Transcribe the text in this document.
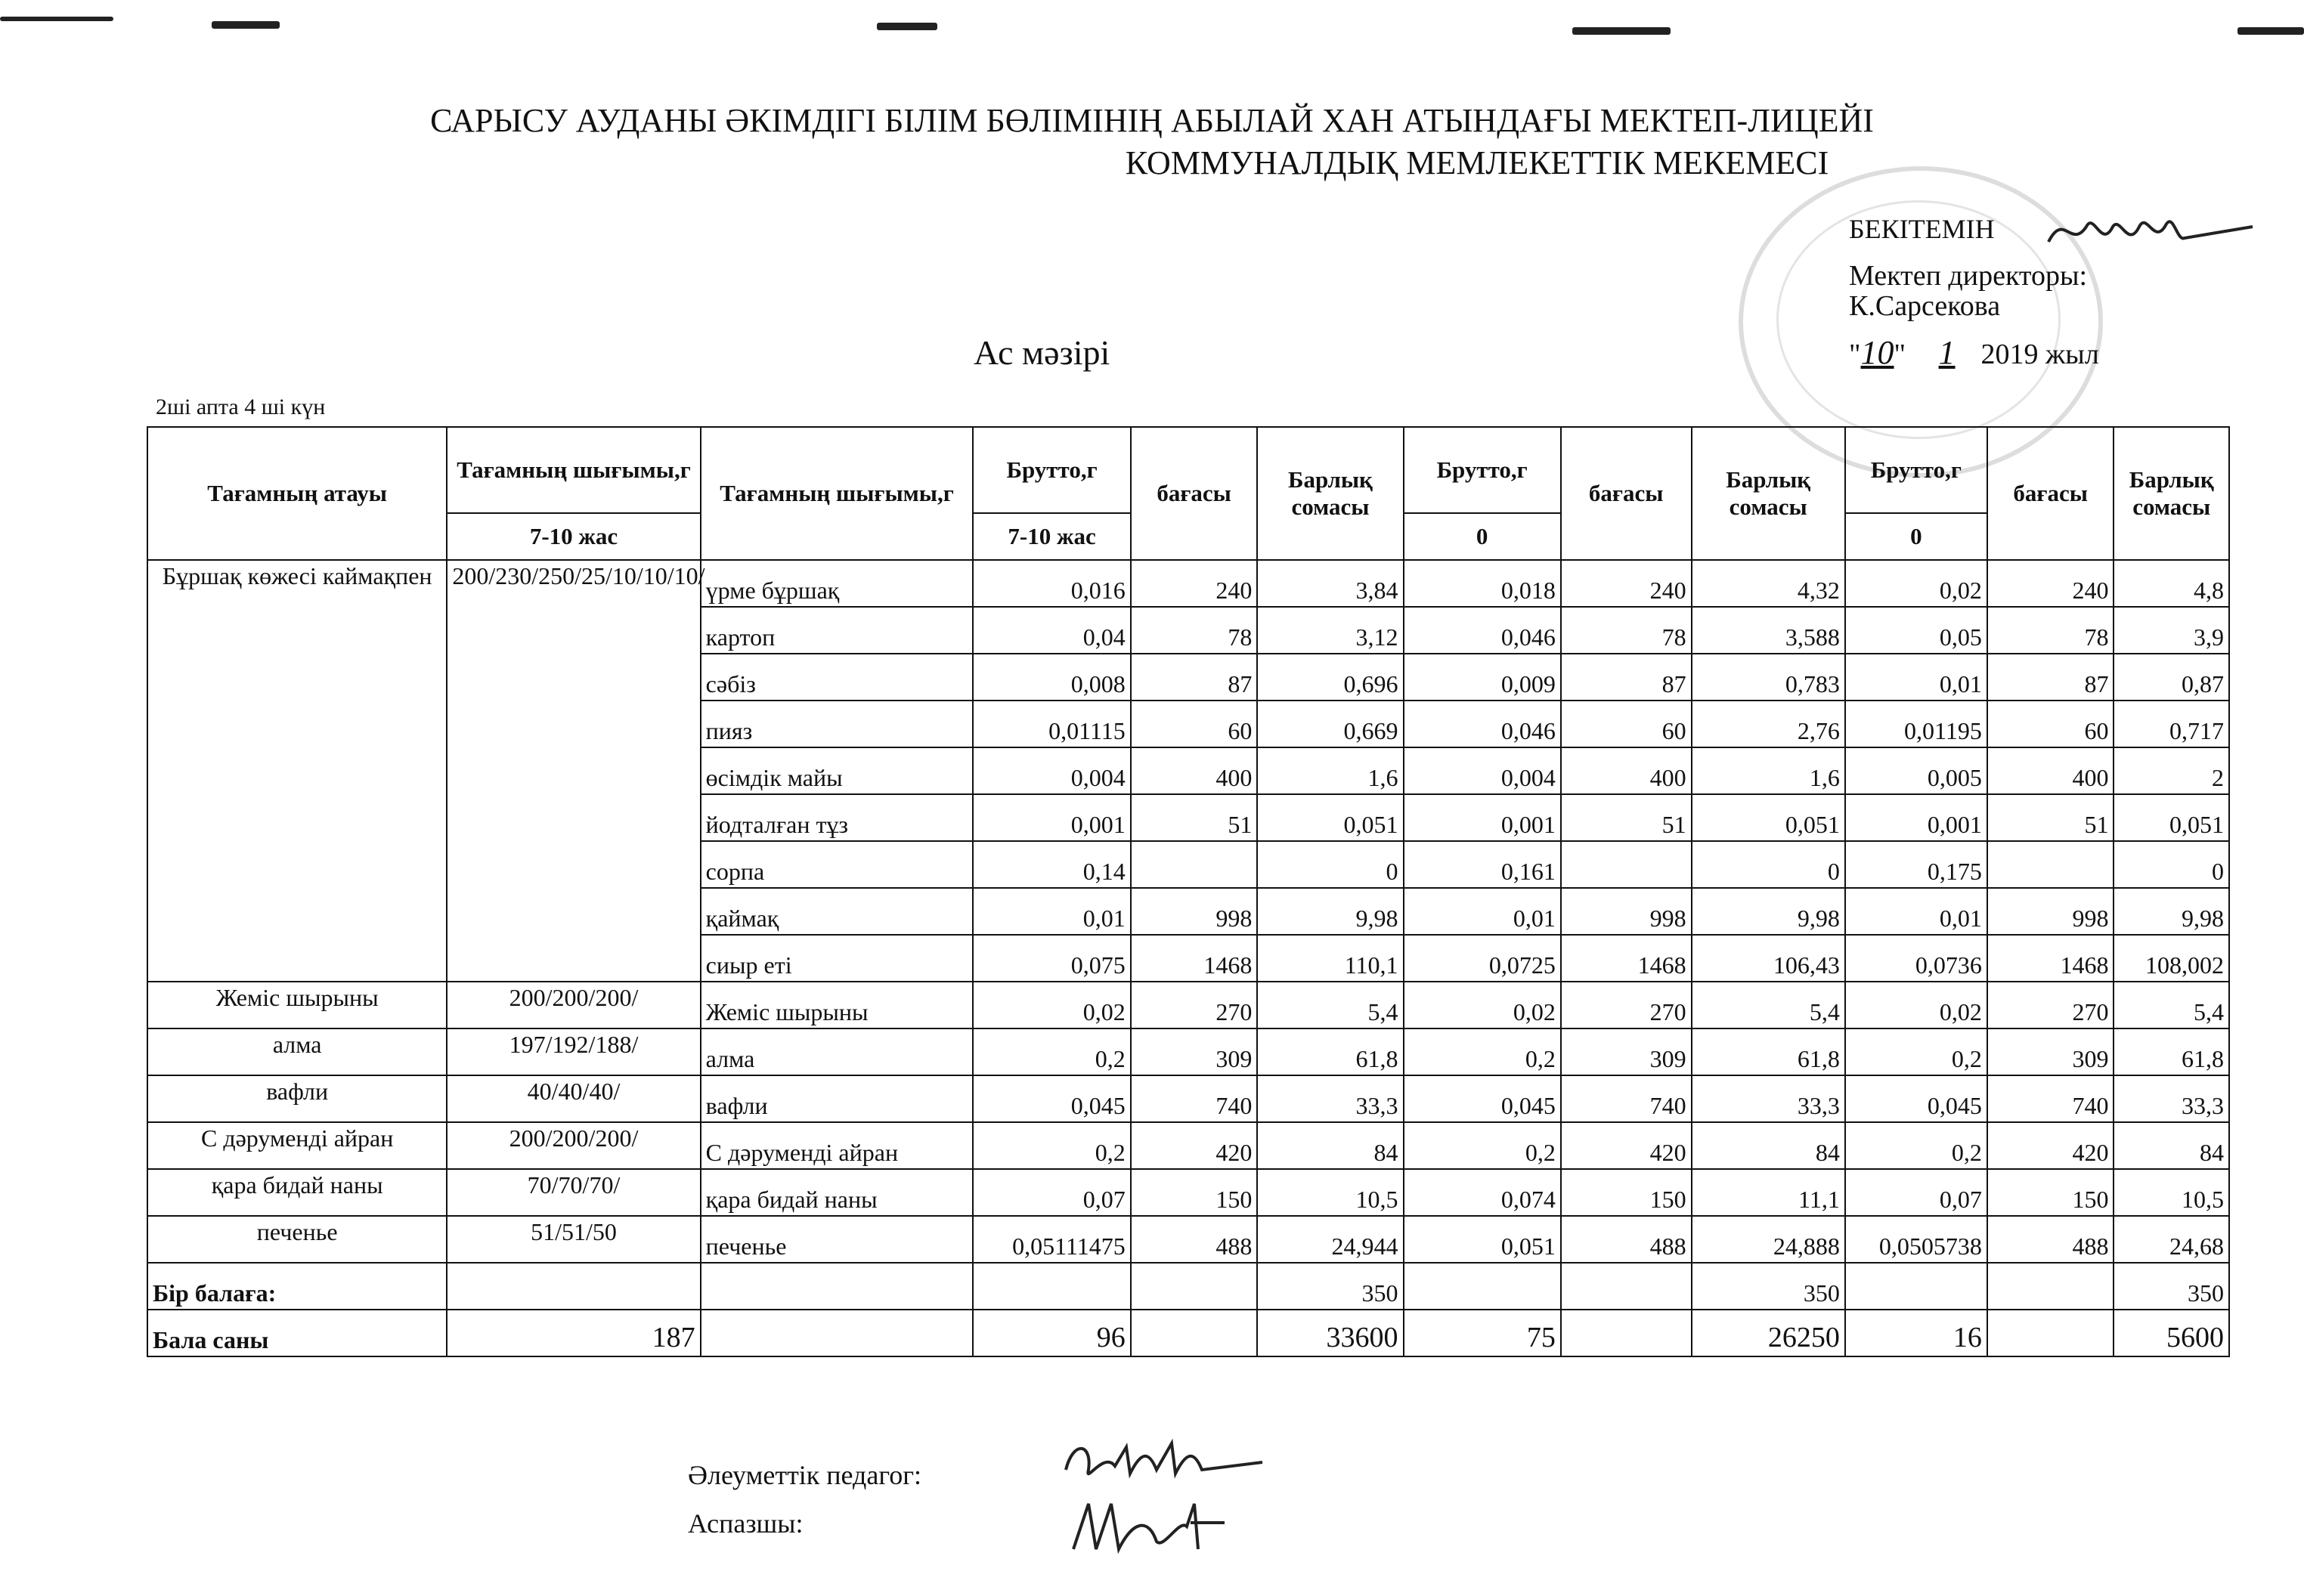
САРЫСУ АУДАНЫ ӘКІМДІГІ БІЛІМ БӨЛІМІНІҢ АБЫЛАЙ ХАН АТЫНДАҒЫ МЕКТЕП-ЛИЦЕЙІ

КОММУНАЛДЫҚ МЕМЛЕКЕТТІК МЕКЕМЕСІ
БЕКІТЕМІН
Мектеп директоры:
К.Сарсекова
"10" 1 2019 жыл
Ас мәзірі
2ші апта 4 ші күн
Тағамның атауы	Тағамның шығымы,г	Тағамның шығымы,г	Брутто,г	бағасы	Барлық сомасы	Брутто,г	бағасы	Барлық сомасы	Брутто,г	бағасы	Барлық сомасы
	7-10 жас		7-10 жас			0			0		
Бұршақ көжесі каймақпен	200/230/250/25/10/10/10/	үрме бұршақ	0,016	240	3,84	0,018	240	4,32	0,02	240	4,8
		картоп	0,04	78	3,12	0,046	78	3,588	0,05	78	3,9
		сәбіз	0,008	87	0,696	0,009	87	0,783	0,01	87	0,87
		пияз	0,01115	60	0,669	0,046	60	2,76	0,01195	60	0,717
		өсімдік майы	0,004	400	1,6	0,004	400	1,6	0,005	400	2
		йодталған тұз	0,001	51	0,051	0,001	51	0,051	0,001	51	0,051
		сорпа	0,14		0	0,161		0	0,175		0
		қаймақ	0,01	998	9,98	0,01	998	9,98	0,01	998	9,98
		сиыр еті	0,075	1468	110,1	0,0725	1468	106,43	0,0736	1468	108,002
Жеміс шырыны	200/200/200/	Жеміс шырыны	0,02	270	5,4	0,02	270	5,4	0,02	270	5,4
алма	197/192/188/	алма	0,2	309	61,8	0,2	309	61,8	0,2	309	61,8
вафли	40/40/40/	вафли	0,045	740	33,3	0,045	740	33,3	0,045	740	33,3
С дәруменді айран	200/200/200/	С дәруменді айран	0,2	420	84	0,2	420	84	0,2	420	84
қара бидай наны	70/70/70/	қара бидай наны	0,07	150	10,5	0,074	150	11,1	0,07	150	10,5
печенье	51/51/50	печенье	0,05111475	488	24,944	0,051	488	24,888	0,0505738	488	24,68
Бір балаға:					350			350			350
Бала саны	187		96		33600	75		26250	16		5600
Әлеуметтік педагог:
Аспазшы:
